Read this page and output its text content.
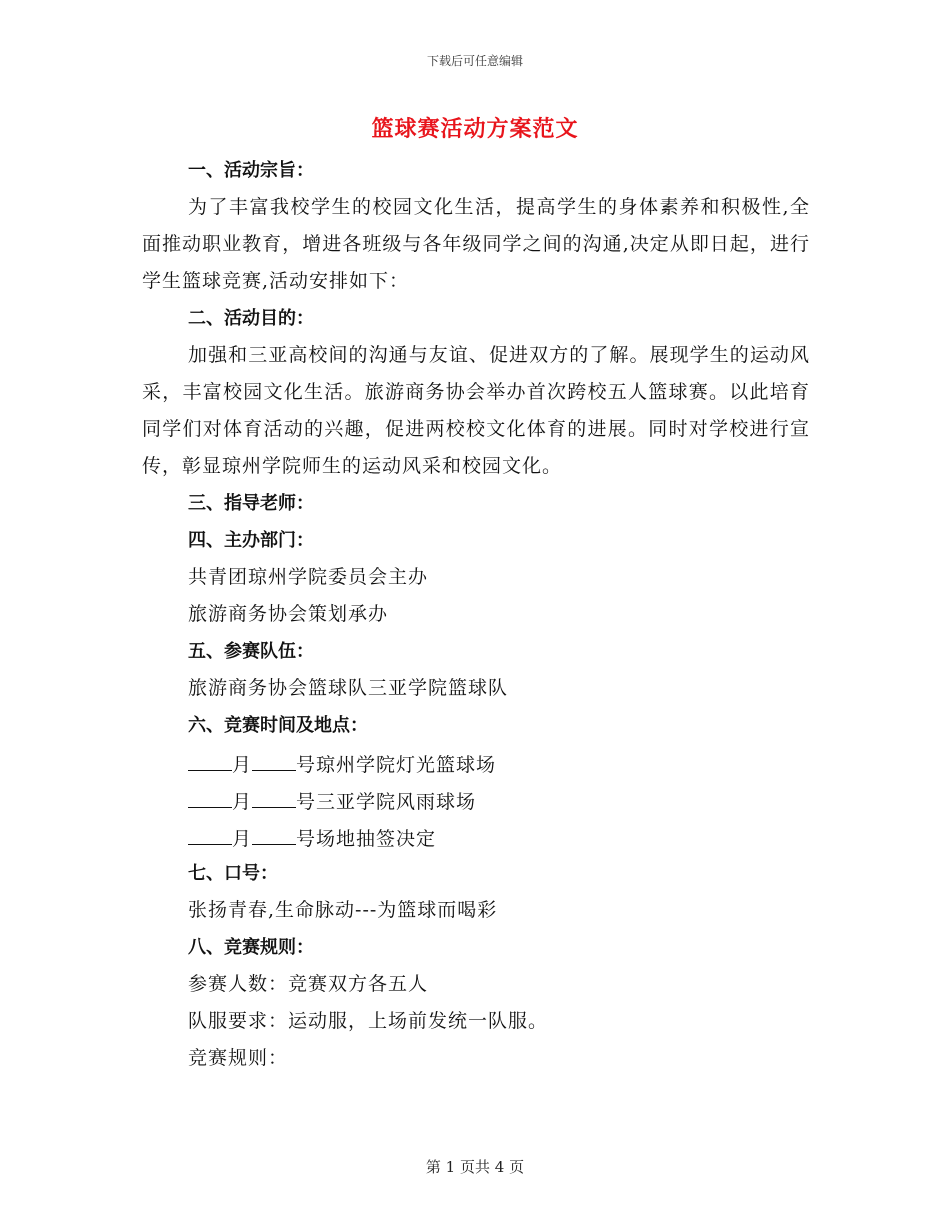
下载后可任意编辑
篮球赛活动方案范文
一、活动宗旨：
为了丰富我校学生的校园文化生活，提高学生的身体素养和积极性,全面推动职业教育，增进各班级与各年级同学之间的沟通,决定从即日起，进行学生篮球竞赛,活动安排如下：
二、活动目的：
加强和三亚高校间的沟通与友谊、促进双方的了解。展现学生的运动风采，丰富校园文化生活。旅游商务协会举办首次跨校五人篮球赛。以此培育同学们对体育活动的兴趣，促进两校校文化体育的进展。同时对学校进行宣传，彰显琼州学院师生的运动风采和校园文化。
三、指导老师：
四、主办部门：
共青团琼州学院委员会主办
旅游商务协会策划承办
五、参赛队伍：
旅游商务协会篮球队三亚学院篮球队
六、竞赛时间及地点：
月 号琼州学院灯光篮球场
月 号三亚学院风雨球场
月 号场地抽签决定
七、口号：
张扬青春,生命脉动---为篮球而喝彩
八、竞赛规则：
参赛人数：竞赛双方各五人
队服要求：运动服，上场前发统一队服。
竞赛规则：
第 1 页共 4 页
